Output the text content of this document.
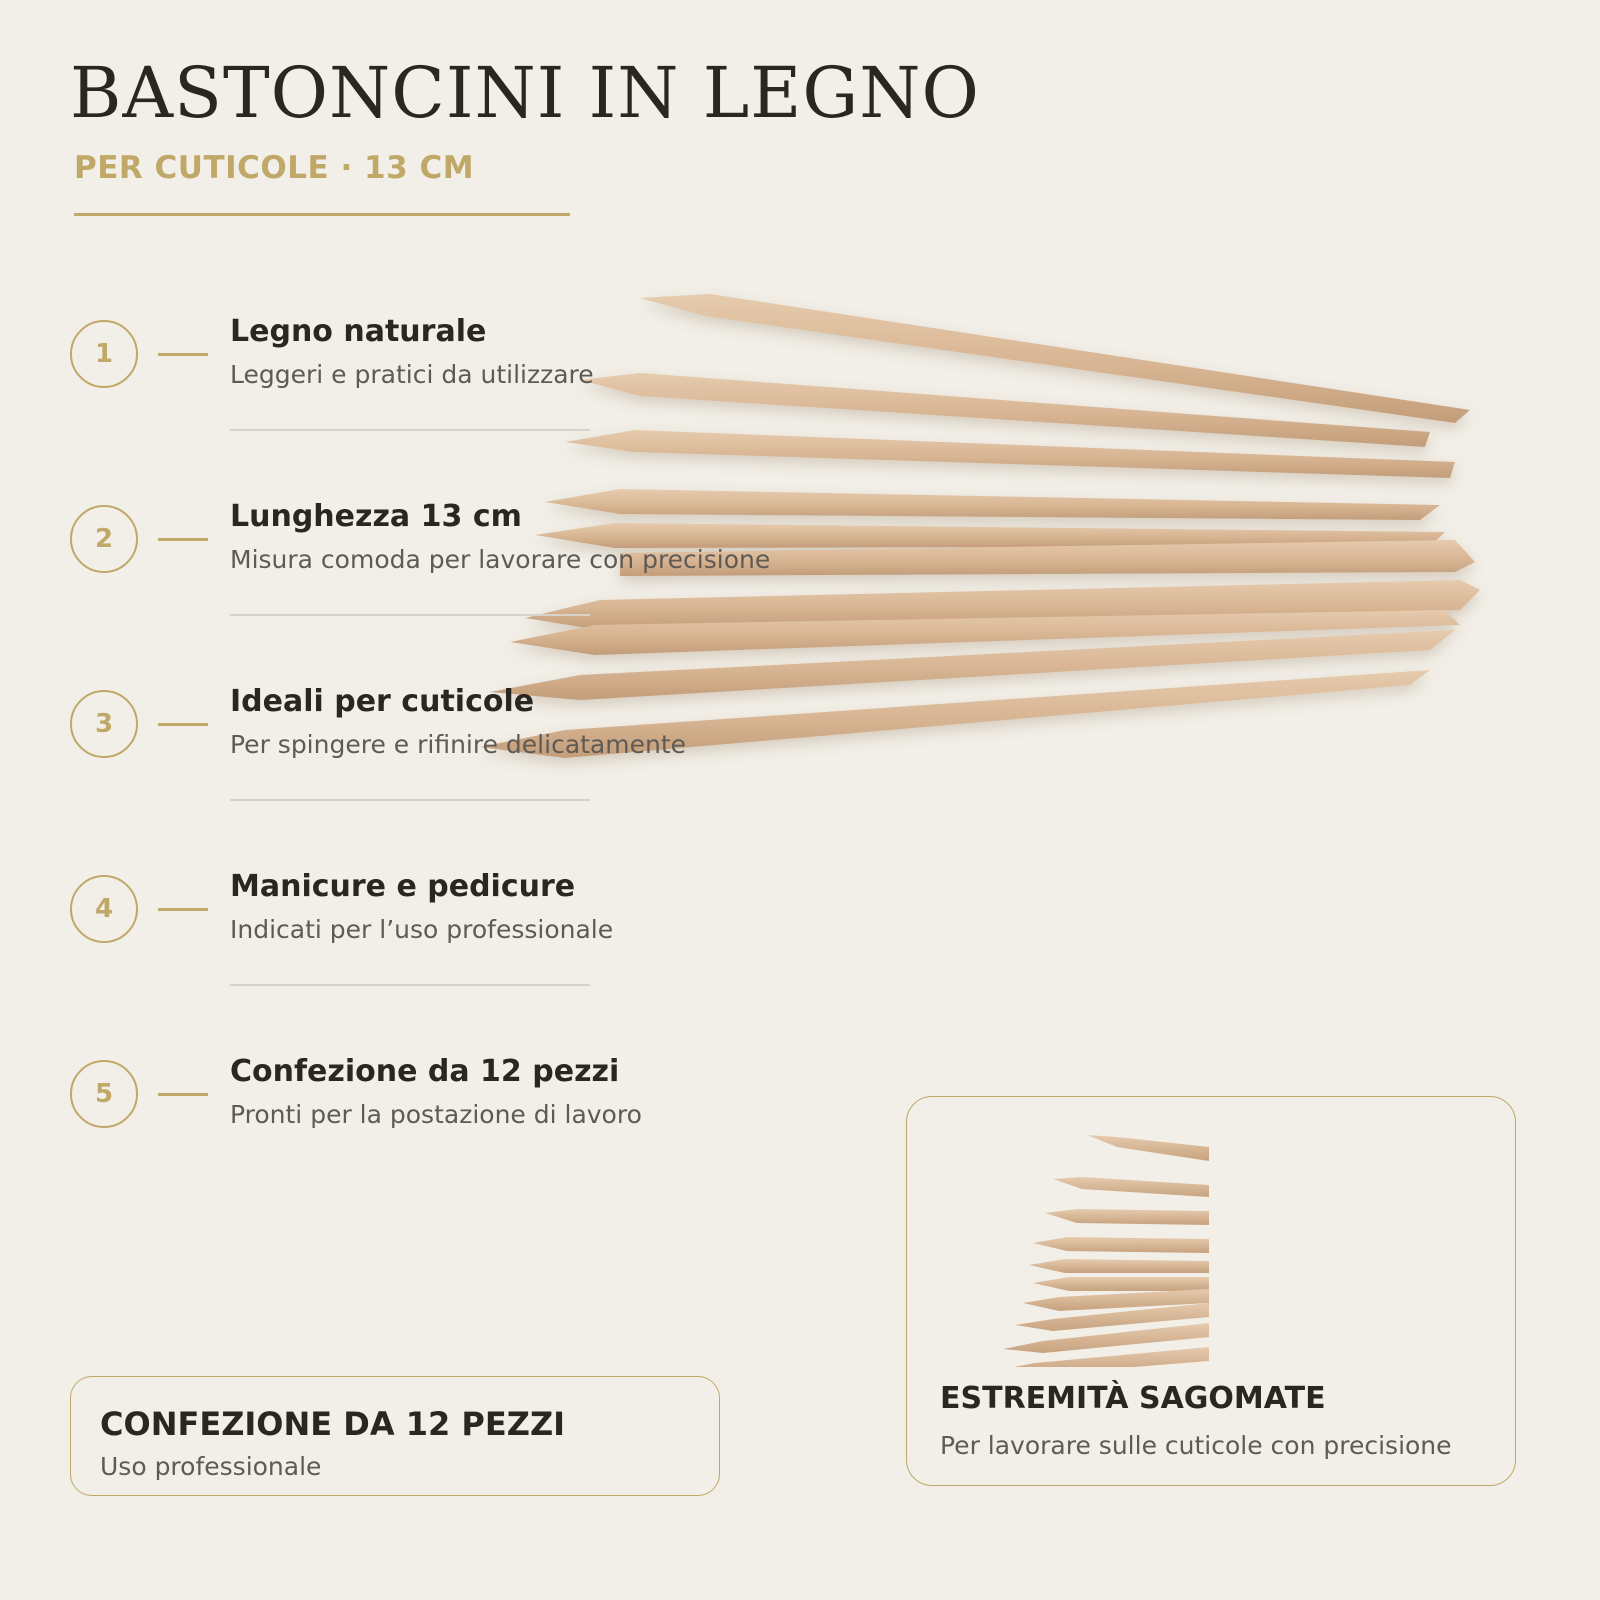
BASTONCINI IN LEGNO

PER CUTICOLE · 13 CM

1

Legno naturale

Leggeri e pratici da utilizzare

2

Lunghezza 13 cm

Misura comoda per lavorare con precisione

3

Ideali per cuticole

Per spingere e rifinire delicatamente

4

Manicure e pedicure

Indicati per l’uso professionale

5

Confezione da 12 pezzi

Pronti per la postazione di lavoro

CONFEZIONE DA 12 PEZZI

Uso professionale

ESTREMITÀ SAGOMATE

Per lavorare sulle cuticole con precisione
